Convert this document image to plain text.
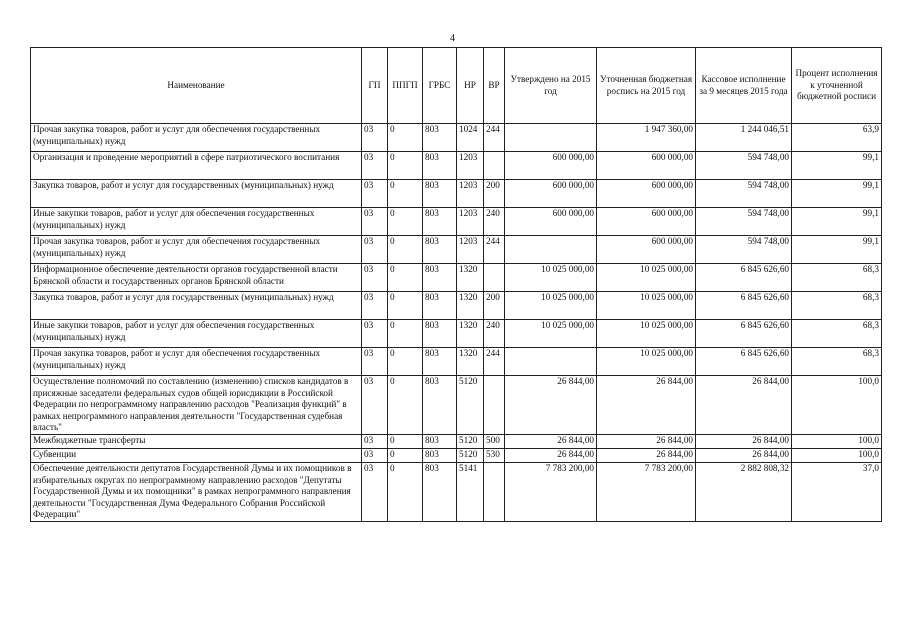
4
Наименование	ГП	ППГП	ГРБС	НР	ВР	Утверждено на 2015 год	Уточненная бюджетная роспись на 2015 год	Кассовое исполнение за 9 месяцев 2015 года	Процент исполнения к уточненной бюджетной росписи
Прочая закупка товаров, работ и услуг для обеспечения государственных (муниципальных) нужд	03	0	803	1024	244		1 947 360,00	1 244 046,51	63,9
Организация и проведение мероприятий в сфере патриотического воспитания	03	0	803	1203		600 000,00	600 000,00	594 748,00	99,1
Закупка товаров, работ и услуг для государственных (муниципальных) нужд	03	0	803	1203	200	600 000,00	600 000,00	594 748,00	99,1
Иные закупки товаров, работ и услуг для обеспечения государственных (муниципальных) нужд	03	0	803	1203	240	600 000,00	600 000,00	594 748,00	99,1
Прочая закупка товаров, работ и услуг для обеспечения государственных (муниципальных) нужд	03	0	803	1203	244		600 000,00	594 748,00	99,1
Информационное обеспечение деятельности органов государственной власти Брянской области и государственных органов Брянской области	03	0	803	1320		10 025 000,00	10 025 000,00	6 845 626,60	68,3
Закупка товаров, работ и услуг для государственных (муниципальных) нужд	03	0	803	1320	200	10 025 000,00	10 025 000,00	6 845 626,60	68,3
Иные закупки товаров, работ и услуг для обеспечения государственных (муниципальных) нужд	03	0	803	1320	240	10 025 000,00	10 025 000,00	6 845 626,60	68,3
Прочая закупка товаров, работ и услуг для обеспечения государственных (муниципальных) нужд	03	0	803	1320	244		10 025 000,00	6 845 626,60	68,3
Осуществление полномочий по составлению (изменению) списков кандидатов в присяжные заседатели федеральных судов общей юрисдикции в Российской Федерации по непрограммному направлению расходов "Реализация функций" в рамках непрограммного направления деятельности "Государственная судебная власть"	03	0	803	5120		26 844,00	26 844,00	26 844,00	100,0
Межбюджетные трансферты	03	0	803	5120	500	26 844,00	26 844,00	26 844,00	100,0
Субвенции	03	0	803	5120	530	26 844,00	26 844,00	26 844,00	100,0
Обеспечение деятельности депутатов Государственной Думы и их помощников в избирательных округах по непрограммному направлению расходов "Депутаты Государственной Думы и их помощники" в рамках непрограммного направления деятельности "Государственная Дума Федерального Собрания Российской Федерации"	03	0	803	5141		7 783 200,00	7 783 200,00	2 882 808,32	37,0
